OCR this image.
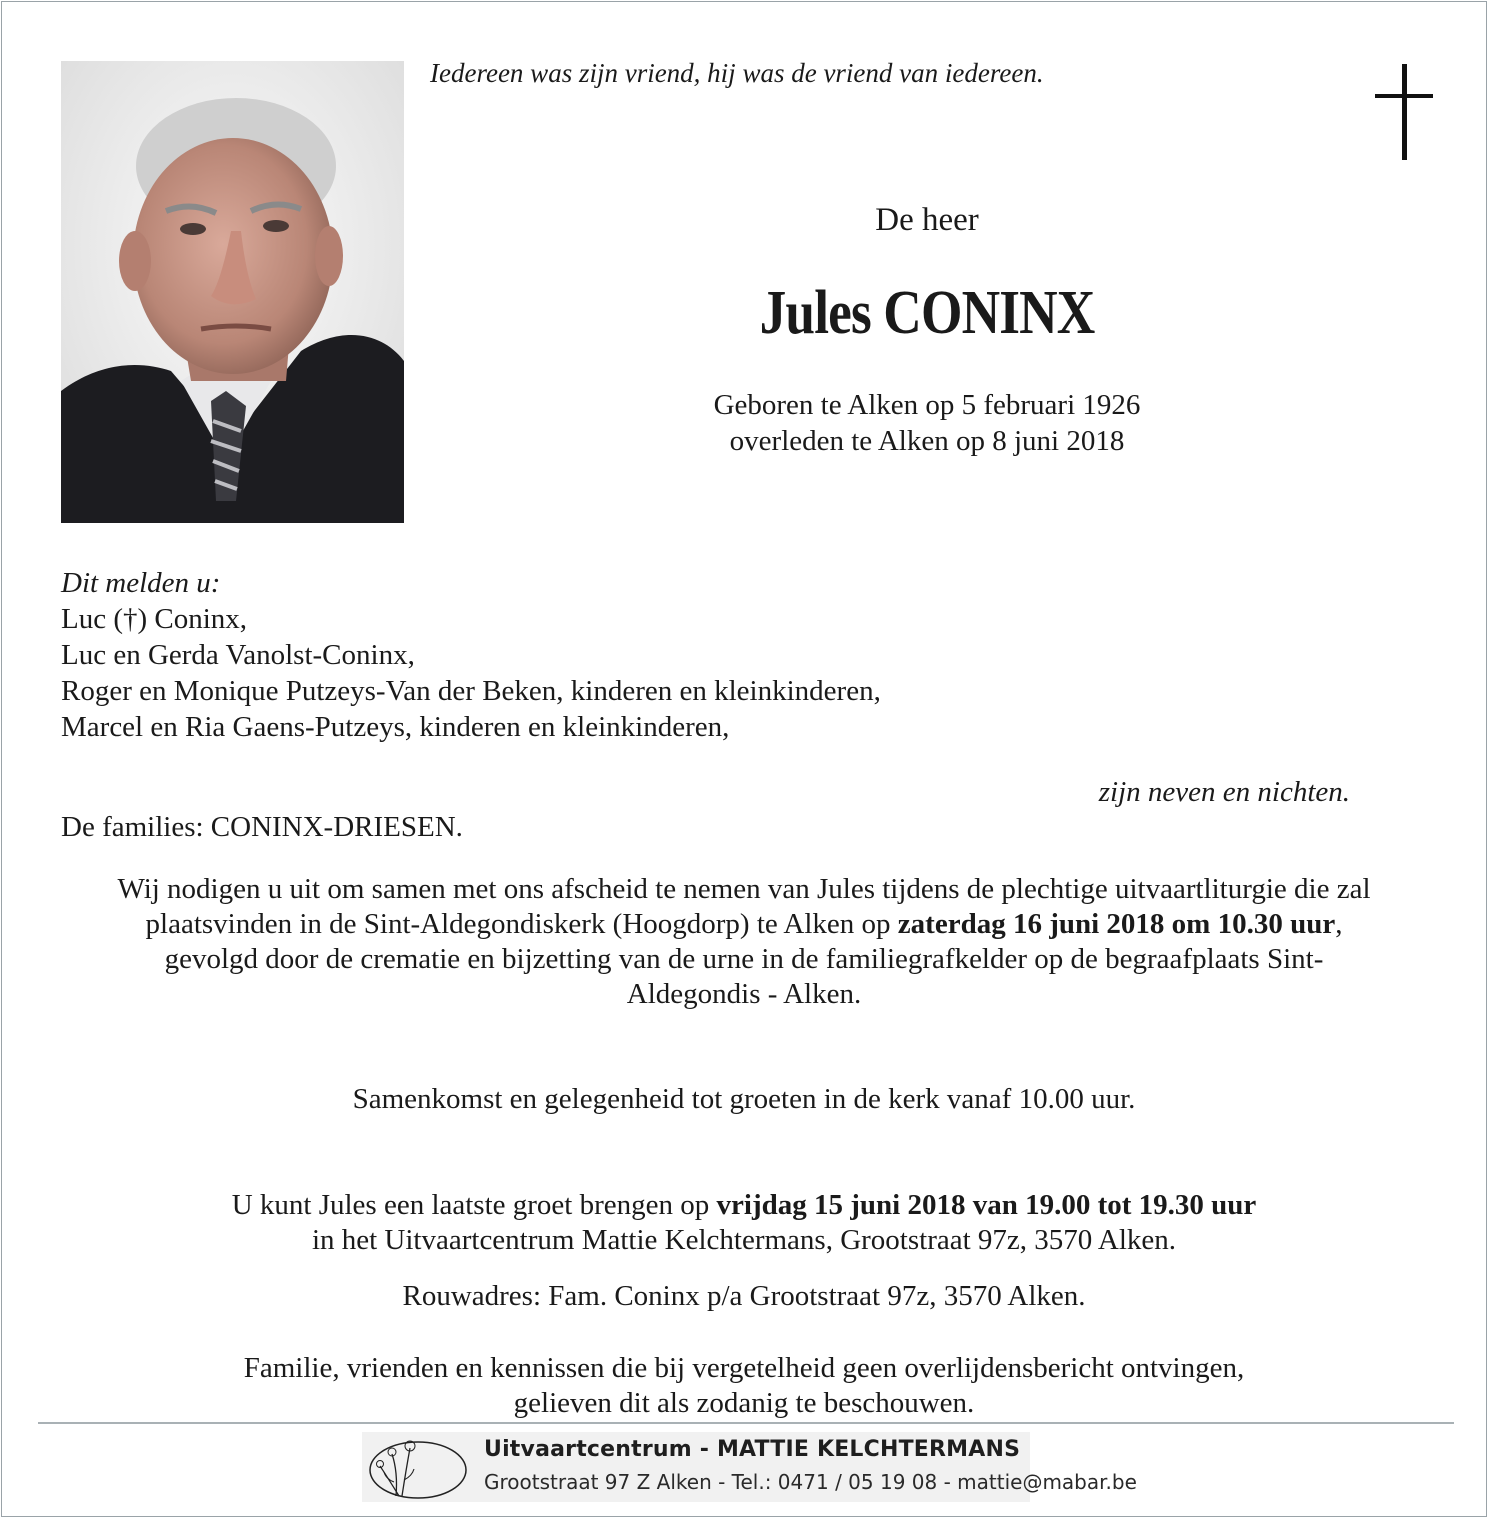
Iedereen was zijn vriend, hij was de vriend van iedereen.
De heer
Jules CONINX
Geboren te Alken op 5 februari 1926
overleden te Alken op 8 juni 2018
Dit melden u:
Luc (†) Coninx,
Luc en Gerda Vanolst-Coninx,
Roger en Monique Putzeys-Van der Beken, kinderen en kleinkinderen,
Marcel en Ria Gaens-Putzeys, kinderen en kleinkinderen,
zijn neven en nichten.
De families: CONINX-DRIESEN.
Wij nodigen u uit om samen met ons afscheid te nemen van Jules tijdens de plechtige uitvaartliturgie die zal plaatsvinden in de Sint-Aldegondiskerk (Hoogdorp) te Alken op zaterdag 16 juni 2018 om 10.30 uur, gevolgd door de crematie en bijzetting van de urne in de familiegrafkelder op de begraafplaats Sint-Aldegondis - Alken.
Samenkomst en gelegenheid tot groeten in de kerk vanaf 10.00 uur.
U kunt Jules een laatste groet brengen op vrijdag 15 juni 2018 van 19.00 tot 19.30 uur
in het Uitvaartcentrum Mattie Kelchtermans, Grootstraat 97z, 3570 Alken.
Rouwadres: Fam. Coninx p/a Grootstraat 97z, 3570 Alken.
Familie, vrienden en kennissen die bij vergetelheid geen overlijdensbericht ontvingen,
gelieven dit als zodanig te beschouwen.
Uitvaartcentrum - MATTIE KELCHTERMANS
Grootstraat 97 Z Alken - Tel.: 0471 / 05 19 08 - mattie@mabar.be
